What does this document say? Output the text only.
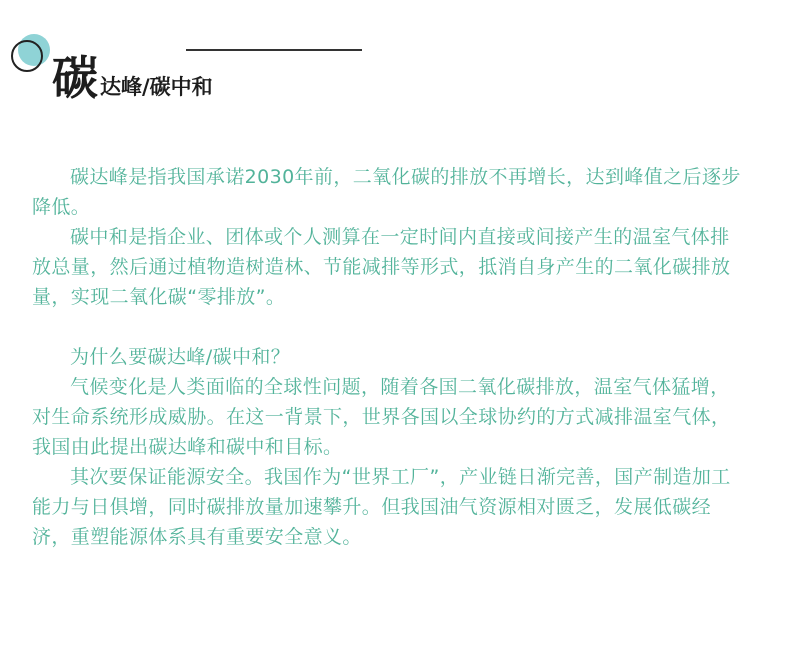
碳达峰/碳中和

碳达峰是指我国承诺2030年前，二氧化碳的排放不再增长，达到峰值之后逐步降低。

碳中和是指企业、团体或个人测算在一定时间内直接或间接产生的温室气体排放总量，然后通过植物造树造林、节能减排等形式，抵消自身产生的二氧化碳排放量，实现二氧化碳“零排放”。

为什么要碳达峰/碳中和？

气候变化是人类面临的全球性问题，随着各国二氧化碳排放，温室气体猛增，对生命系统形成威胁。在这一背景下，世界各国以全球协约的方式减排温室气体，我国由此提出碳达峰和碳中和目标。

其次要保证能源安全。我国作为“世界工厂”，产业链日渐完善，国产制造加工能力与日俱增，同时碳排放量加速攀升。但我国油气资源相对匮乏，发展低碳经济，重塑能源体系具有重要安全意义。
